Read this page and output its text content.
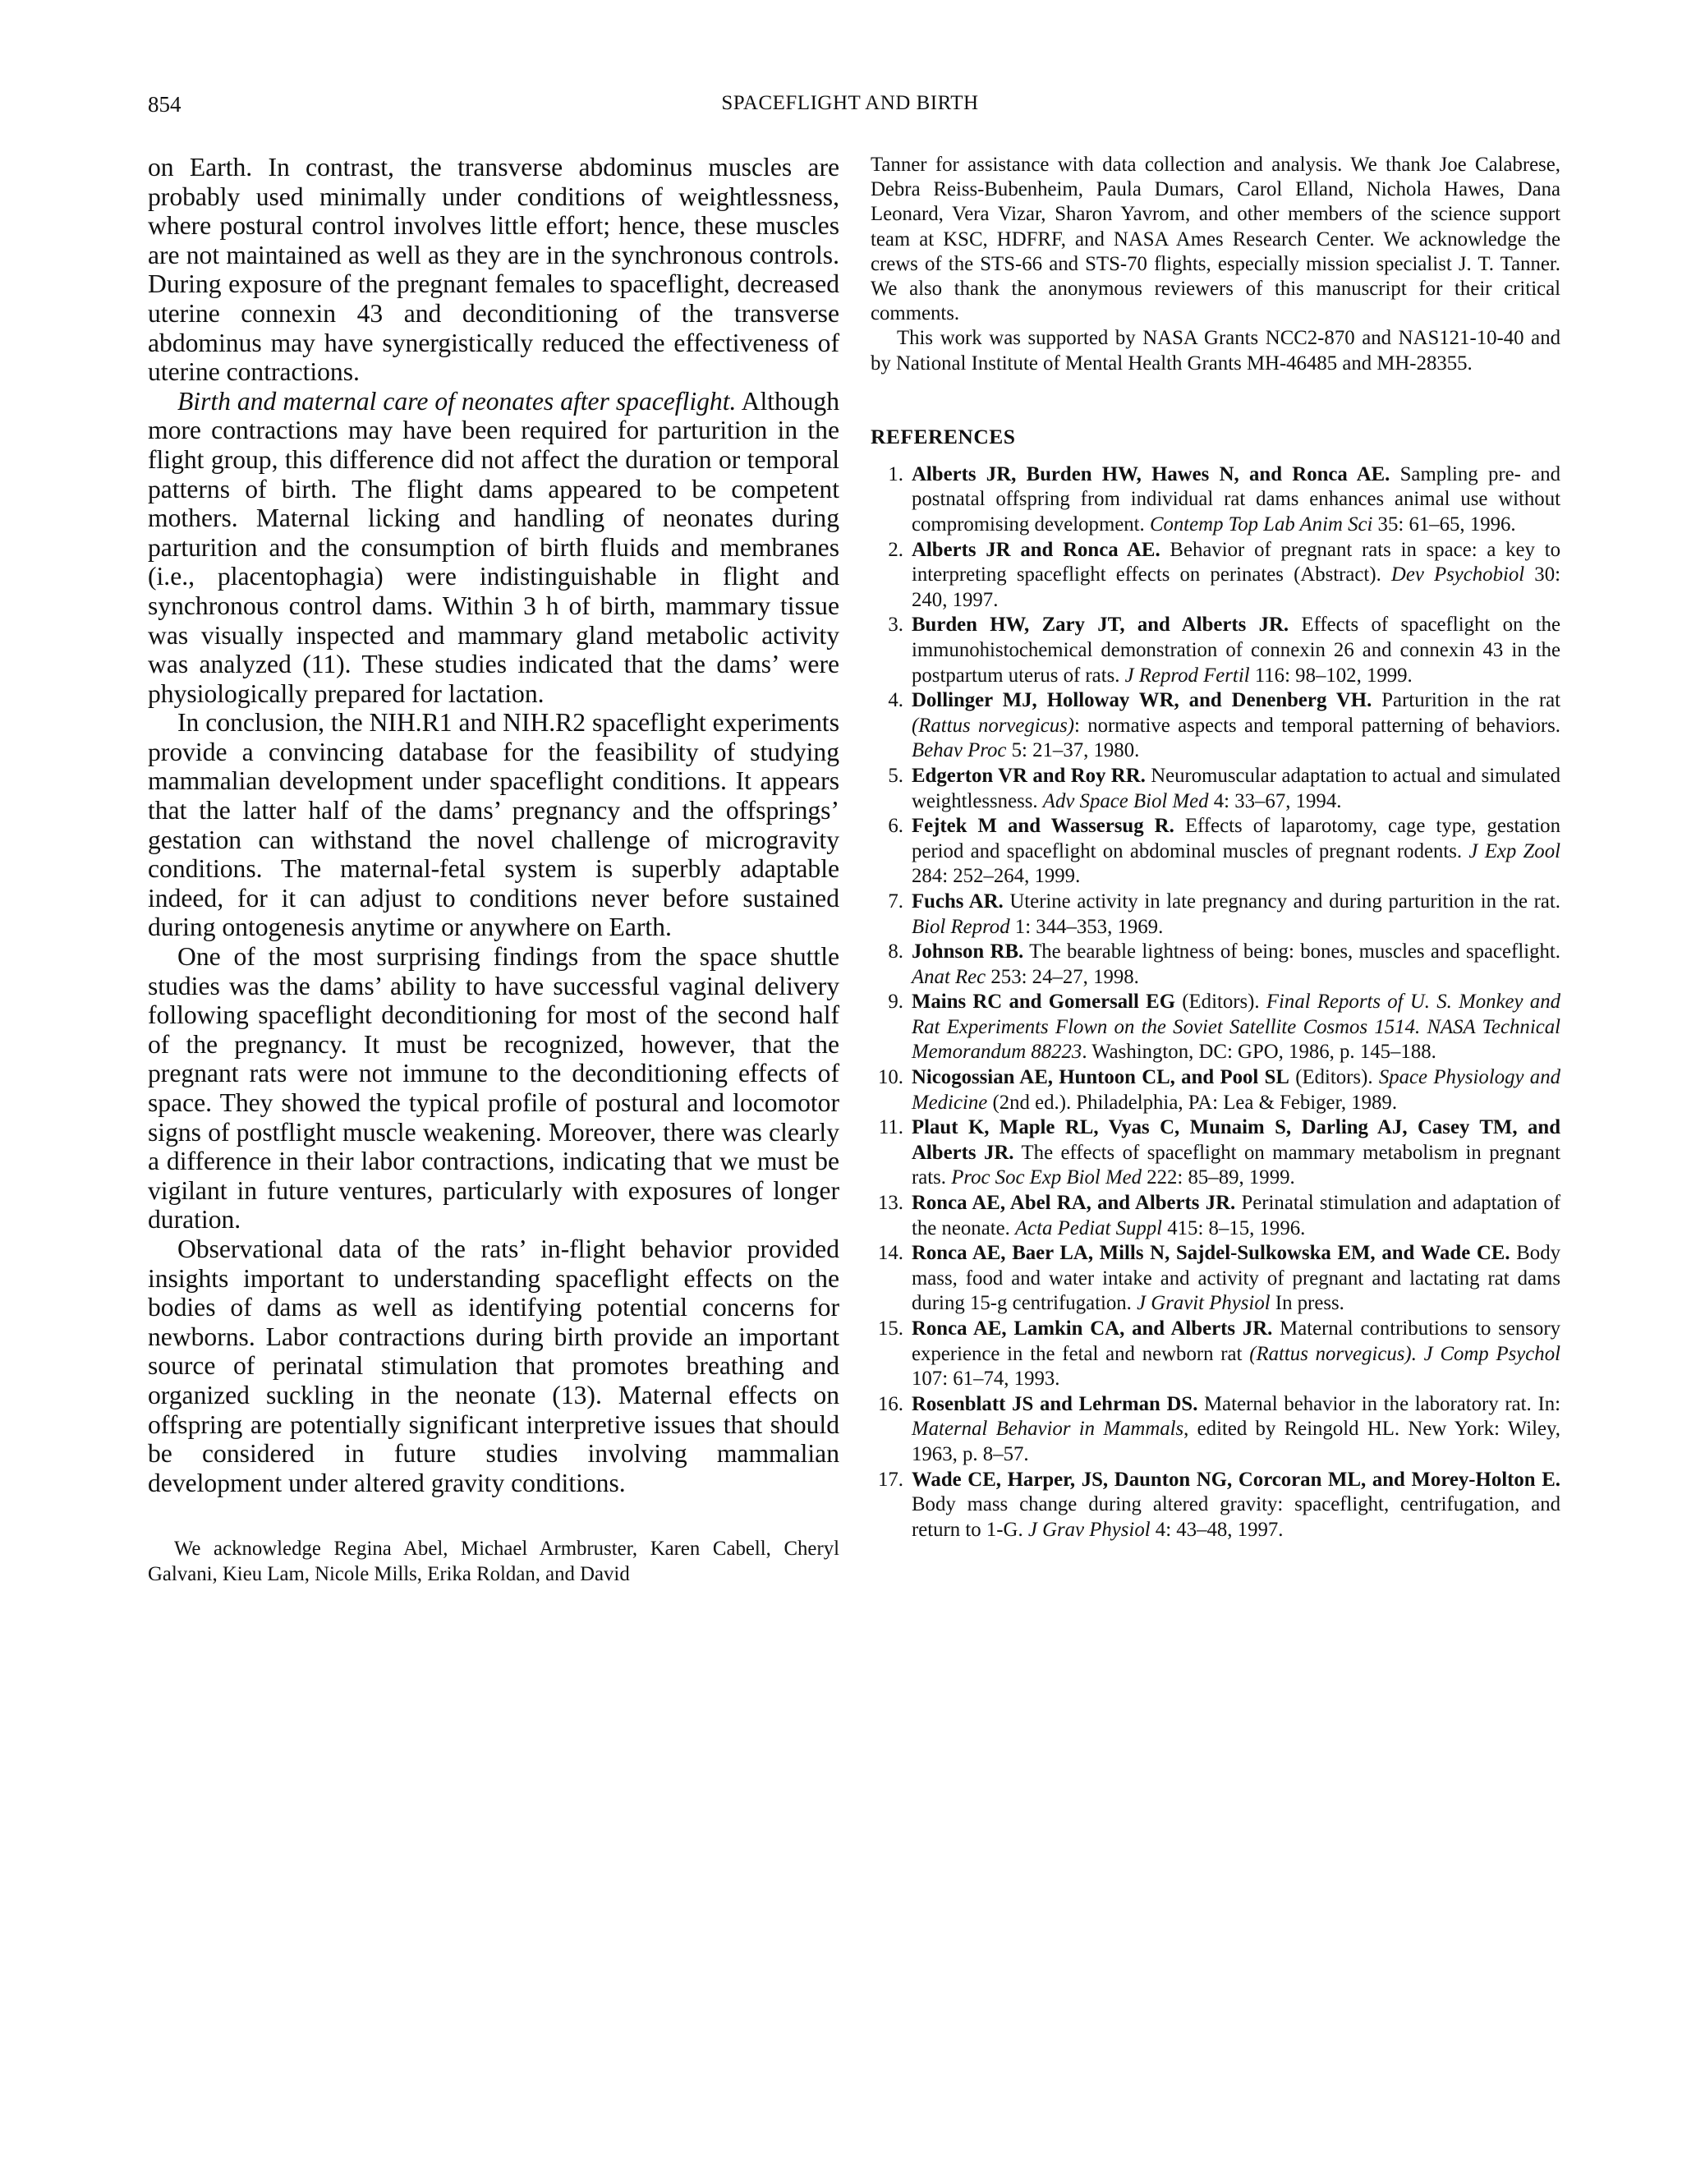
854	SPACEFLIGHT AND BIRTH

on Earth. In contrast, the transverse abdominus muscles are probably used minimally under conditions of weightlessness, where postural control involves little effort; hence, these muscles are not maintained as well as they are in the synchronous controls. During exposure of the pregnant females to spaceflight, decreased uterine connexin 43 and deconditioning of the transverse abdominus may have synergistically reduced the effectiveness of uterine contractions.

Birth and maternal care of neonates after spaceflight. Although more contractions may have been required for parturition in the flight group, this difference did not affect the duration or temporal patterns of birth. The flight dams appeared to be competent mothers. Maternal licking and handling of neonates during parturition and the consumption of birth fluids and membranes (i.e., placentophagia) were indistinguishable in flight and synchronous control dams. Within 3 h of birth, mammary tissue was visually inspected and mammary gland metabolic activity was analyzed (11). These studies indicated that the dams’ were physiologically prepared for lactation.

In conclusion, the NIH.R1 and NIH.R2 spaceflight experiments provide a convincing database for the feasibility of studying mammalian development under spaceflight conditions. It appears that the latter half of the dams’ pregnancy and the offsprings’ gestation can withstand the novel challenge of microgravity conditions. The maternal-fetal system is superbly adaptable indeed, for it can adjust to conditions never before sustained during ontogenesis anytime or anywhere on Earth.

One of the most surprising findings from the space shuttle studies was the dams’ ability to have successful vaginal delivery following spaceflight deconditioning for most of the second half of the pregnancy. It must be recognized, however, that the pregnant rats were not immune to the deconditioning effects of space. They showed the typical profile of postural and locomotor signs of postflight muscle weakening. Moreover, there was clearly a difference in their labor contractions, indicating that we must be vigilant in future ventures, particularly with exposures of longer duration.

Observational data of the rats’ in-flight behavior provided insights important to understanding spaceflight effects on the bodies of dams as well as identifying potential concerns for newborns. Labor contractions during birth provide an important source of perinatal stimulation that promotes breathing and organized suckling in the neonate (13). Maternal effects on offspring are potentially significant interpretive issues that should be considered in future studies involving mammalian development under altered gravity conditions.

We acknowledge Regina Abel, Michael Armbruster, Karen Cabell, Cheryl Galvani, Kieu Lam, Nicole Mills, Erika Roldan, and David

Tanner for assistance with data collection and analysis. We thank Joe Calabrese, Debra Reiss-Bubenheim, Paula Dumars, Carol Elland, Nichola Hawes, Dana Leonard, Vera Vizar, Sharon Yavrom, and other members of the science support team at KSC, HDFRF, and NASA Ames Research Center. We acknowledge the crews of the STS-66 and STS-70 flights, especially mission specialist J. T. Tanner. We also thank the anonymous reviewers of this manuscript for their critical comments.

This work was supported by NASA Grants NCC2-870 and NAS121-10-40 and by National Institute of Mental Health Grants MH-46485 and MH-28355.

REFERENCES
1. Alberts JR, Burden HW, Hawes N, and Ronca AE. Sampling pre- and postnatal offspring from individual rat dams enhances animal use without compromising development. Contemp Top Lab Anim Sci 35: 61–65, 1996.
2. Alberts JR and Ronca AE. Behavior of pregnant rats in space: a key to interpreting spaceflight effects on perinates (Abstract). Dev Psychobiol 30: 240, 1997.
3. Burden HW, Zary JT, and Alberts JR. Effects of spaceflight on the immunohistochemical demonstration of connexin 26 and connexin 43 in the postpartum uterus of rats. J Reprod Fertil 116: 98–102, 1999.
4. Dollinger MJ, Holloway WR, and Denenberg VH. Parturition in the rat (Rattus norvegicus): normative aspects and temporal patterning of behaviors. Behav Proc 5: 21–37, 1980.
5. Edgerton VR and Roy RR. Neuromuscular adaptation to actual and simulated weightlessness. Adv Space Biol Med 4: 33–67, 1994.
6. Fejtek M and Wassersug R. Effects of laparotomy, cage type, gestation period and spaceflight on abdominal muscles of pregnant rodents. J Exp Zool 284: 252–264, 1999.
7. Fuchs AR. Uterine activity in late pregnancy and during parturition in the rat. Biol Reprod 1: 344–353, 1969.
8. Johnson RB. The bearable lightness of being: bones, muscles and spaceflight. Anat Rec 253: 24–27, 1998.
9. Mains RC and Gomersall EG (Editors). Final Reports of U. S. Monkey and Rat Experiments Flown on the Soviet Satellite Cosmos 1514. NASA Technical Memorandum 88223. Washington, DC: GPO, 1986, p. 145–188.
10. Nicogossian AE, Huntoon CL, and Pool SL (Editors). Space Physiology and Medicine (2nd ed.). Philadelphia, PA: Lea & Febiger, 1989.
11. Plaut K, Maple RL, Vyas C, Munaim S, Darling AJ, Casey TM, and Alberts JR. The effects of spaceflight on mammary metabolism in pregnant rats. Proc Soc Exp Biol Med 222: 85–89, 1999.
13. Ronca AE, Abel RA, and Alberts JR. Perinatal stimulation and adaptation of the neonate. Acta Pediat Suppl 415: 8–15, 1996.
14. Ronca AE, Baer LA, Mills N, Sajdel-Sulkowska EM, and Wade CE. Body mass, food and water intake and activity of pregnant and lactating rat dams during 15-g centrifugation. J Gravit Physiol In press.
15. Ronca AE, Lamkin CA, and Alberts JR. Maternal contributions to sensory experience in the fetal and newborn rat (Rattus norvegicus). J Comp Psychol 107: 61–74, 1993.
16. Rosenblatt JS and Lehrman DS. Maternal behavior in the laboratory rat. In: Maternal Behavior in Mammals, edited by Reingold HL. New York: Wiley, 1963, p. 8–57.
17. Wade CE, Harper, JS, Daunton NG, Corcoran ML, and Morey-Holton E. Body mass change during altered gravity: spaceflight, centrifugation, and return to 1-G. J Grav Physiol 4: 43–48, 1997.
